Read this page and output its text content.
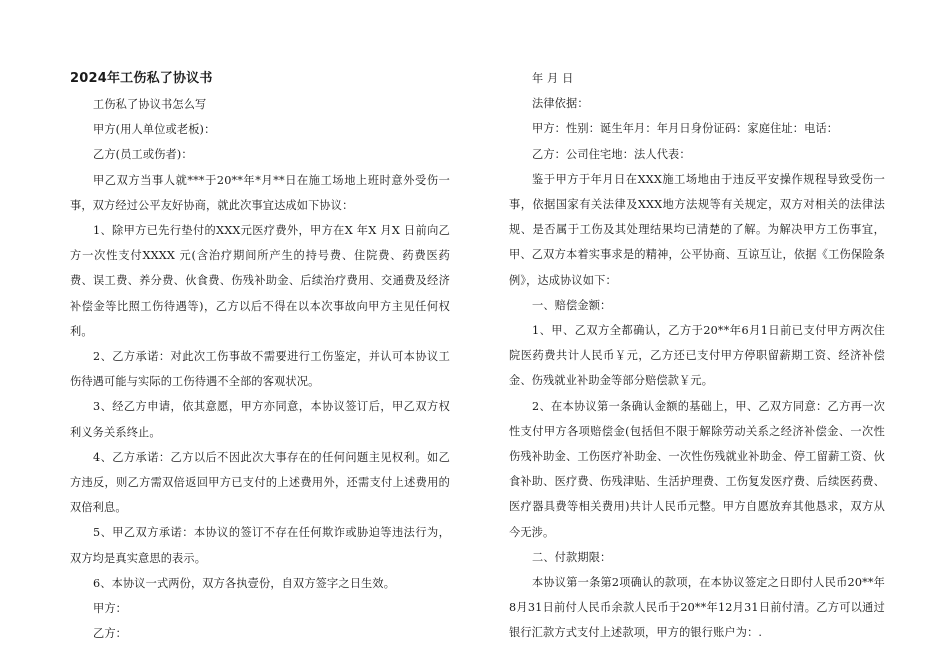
2024年工伤私了协议书

工伤私了协议书怎么写

甲方(用人单位或老板)：

乙方(员工或伤者)：

甲乙双方当事人就***于20**年*月**日在施工场地上班时意外受伤一事，双方经过公平友好协商，就此次事宜达成如下协议：

1、除甲方已先行垫付的XXX元医疗费外，甲方在X 年X 月X 日前向乙方一次性支付XXXX 元(含治疗期间所产生的持号费、住院费、药费医药费、误工费、养分费、伙食费、伤残补助金、后续治疗费用、交通费及经济补偿金等比照工伤待遇等)，乙方以后不得在以本次事故向甲方主见任何权利。

2、乙方承诺：对此次工伤事故不需要进行工伤鉴定，并认可本协议工伤待遇可能与实际的工伤待遇不全部的客观状况。

3、经乙方申请，依其意愿，甲方亦同意，本协议签订后，甲乙双方权利义务关系终止。

4、乙方承诺：乙方以后不因此次大事存在的任何问题主见权利。如乙方违反，则乙方需双倍返回甲方已支付的上述费用外，还需支付上述费用的双倍利息。

5、甲乙双方承诺：本协议的签订不存在任何欺诈或胁迫等违法行为，双方均是真实意思的表示。

6、本协议一式两份，双方各执壹份，自双方签字之日生效。

甲方：

乙方：

年 月 日

法律依据：

甲方：性别：诞生年月：年月日身份证码：家庭住址：电话：

乙方：公司住宅地：法人代表：

鉴于甲方于年月日在XXX施工场地由于违反平安操作规程导致受伤一事，依据国家有关法律及XXX地方法规等有关规定，双方对相关的法律法规、是否属于工伤及其处理结果均已清楚的了解。为解决甲方工伤事宜，甲、乙双方本着实事求是的精神，公平协商、互谅互让，依据《工伤保险条例》，达成协议如下：

一、赔偿金额：

1、甲、乙双方全都确认，乙方于20**年6月1日前已支付甲方两次住院医药费共计人民币￥元，乙方还已支付甲方停职留薪期工资、经济补偿金、伤残就业补助金等部分赔偿款￥元。

2、在本协议第一条确认金额的基础上，甲、乙双方同意：乙方再一次性支付甲方各项赔偿金(包括但不限于解除劳动关系之经济补偿金、一次性伤残补助金、工伤医疗补助金、一次性伤残就业补助金、停工留薪工资、伙食补助、医疗费、伤残津贴、生活护理费、工伤复发医疗费、后续医药费、医疗器具费等相关费用)共计人民币元整。甲方自愿放弃其他恳求，双方从今无涉。

二、付款期限：

本协议第一条第2项确认的款项，在本协议签定之日即付人民币20**年8月31日前付人民币余款人民币于20**年12月31日前付清。乙方可以通过银行汇款方式支付上述款项，甲方的银行账户为：.
